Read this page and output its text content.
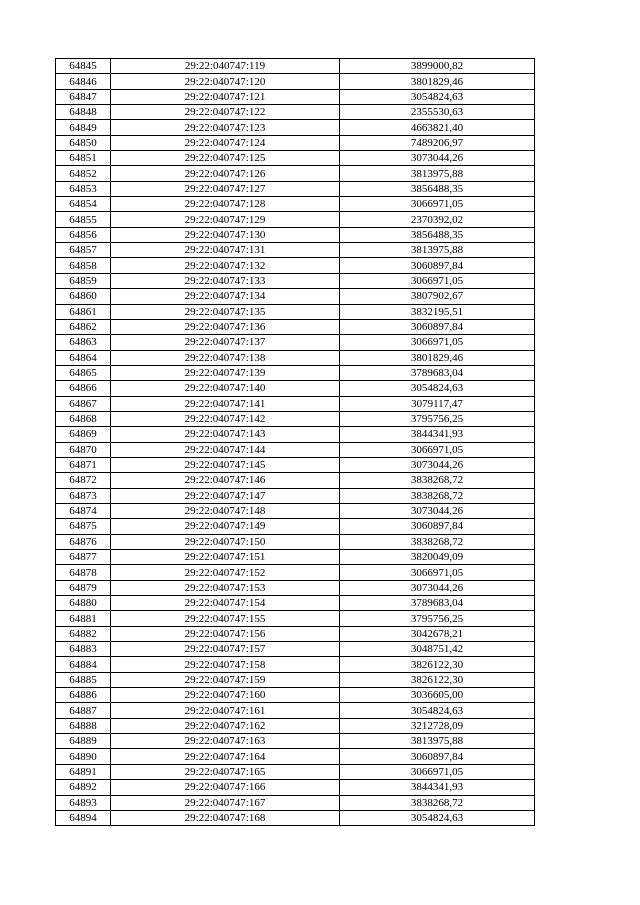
64845	29:22:040747:119	3899000,82
64846	29:22:040747:120	3801829,46
64847	29:22:040747:121	3054824,63
64848	29:22:040747:122	2355530,63
64849	29:22:040747:123	4663821,40
64850	29:22:040747:124	7489206,97
64851	29:22:040747:125	3073044,26
64852	29:22:040747:126	3813975,88
64853	29:22:040747:127	3856488,35
64854	29:22:040747:128	3066971,05
64855	29:22:040747:129	2370392,02
64856	29:22:040747:130	3856488,35
64857	29:22:040747:131	3813975,88
64858	29:22:040747:132	3060897,84
64859	29:22:040747:133	3066971,05
64860	29:22:040747:134	3807902,67
64861	29:22:040747:135	3832195,51
64862	29:22:040747:136	3060897,84
64863	29:22:040747:137	3066971,05
64864	29:22:040747:138	3801829,46
64865	29:22:040747:139	3789683,04
64866	29:22:040747:140	3054824,63
64867	29:22:040747:141	3079117,47
64868	29:22:040747:142	3795756,25
64869	29:22:040747:143	3844341,93
64870	29:22:040747:144	3066971,05
64871	29:22:040747:145	3073044,26
64872	29:22:040747:146	3838268,72
64873	29:22:040747:147	3838268,72
64874	29:22:040747:148	3073044,26
64875	29:22:040747:149	3060897,84
64876	29:22:040747:150	3838268,72
64877	29:22:040747:151	3820049,09
64878	29:22:040747:152	3066971,05
64879	29:22:040747:153	3073044,26
64880	29:22:040747:154	3789683,04
64881	29:22:040747:155	3795756,25
64882	29:22:040747:156	3042678,21
64883	29:22:040747:157	3048751,42
64884	29:22:040747:158	3826122,30
64885	29:22:040747:159	3826122,30
64886	29:22:040747:160	3036605,00
64887	29:22:040747:161	3054824,63
64888	29:22:040747:162	3212728,09
64889	29:22:040747:163	3813975,88
64890	29:22:040747:164	3060897,84
64891	29:22:040747:165	3066971,05
64892	29:22:040747:166	3844341,93
64893	29:22:040747:167	3838268,72
64894	29:22:040747:168	3054824,63
